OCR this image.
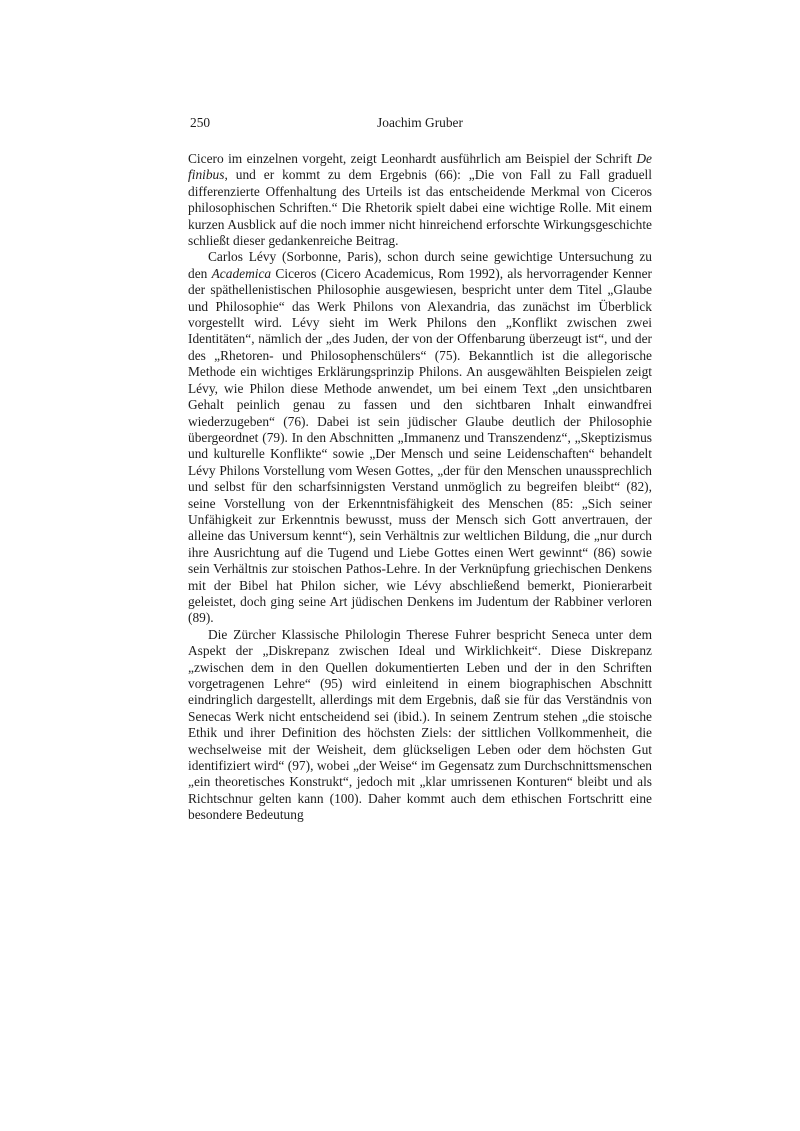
250	Joachim Gruber

Cicero im einzelnen vorgeht, zeigt Leonhardt ausführlich am Beispiel der Schrift De finibus, und er kommt zu dem Ergebnis (66): „Die von Fall zu Fall graduell differenzierte Offenhaltung des Urteils ist das entscheidende Merkmal von Ciceros philosophischen Schriften.“ Die Rhetorik spielt dabei eine wichtige Rolle. Mit einem kurzen Ausblick auf die noch immer nicht hinreichend erforschte Wirkungsgeschichte schließt dieser gedankenreiche Beitrag.

Carlos Lévy (Sorbonne, Paris), schon durch seine gewichtige Untersuchung zu den Academica Ciceros (Cicero Academicus, Rom 1992), als hervorragender Kenner der späthellenistischen Philosophie ausgewiesen, bespricht unter dem Titel „Glaube und Philosophie“ das Werk Philons von Alexandria, das zunächst im Überblick vorgestellt wird. Lévy sieht im Werk Philons den „Konflikt zwischen zwei Identitäten“, nämlich der „des Juden, der von der Offenbarung überzeugt ist“, und der des „Rhetoren- und Philosophenschülers“ (75). Bekanntlich ist die allegorische Methode ein wichtiges Erklärungsprinzip Philons. An ausgewählten Beispielen zeigt Lévy, wie Philon diese Methode anwendet, um bei einem Text „den unsichtbaren Gehalt peinlich genau zu fassen und den sichtbaren Inhalt einwandfrei wiederzugeben“ (76). Dabei ist sein jüdischer Glaube deutlich der Philosophie übergeordnet (79). In den Abschnitten „Immanenz und Transzendenz“, „Skeptizismus und kulturelle Konflikte“ sowie „Der Mensch und seine Leidenschaften“ behandelt Lévy Philons Vorstellung vom Wesen Gottes, „der für den Menschen unaussprechlich und selbst für den scharfsinnigsten Verstand unmöglich zu begreifen bleibt“ (82), seine Vorstellung von der Erkenntnisfähigkeit des Menschen (85: „Sich seiner Unfähigkeit zur Erkenntnis bewusst, muss der Mensch sich Gott anvertrauen, der alleine das Universum kennt“), sein Verhältnis zur weltlichen Bildung, die „nur durch ihre Ausrichtung auf die Tugend und Liebe Gottes einen Wert gewinnt“ (86) sowie sein Verhältnis zur stoischen Pathos-Lehre. In der Verknüpfung griechischen Denkens mit der Bibel hat Philon sicher, wie Lévy abschließend bemerkt, Pionierarbeit geleistet, doch ging seine Art jüdischen Denkens im Judentum der Rabbiner verloren (89).

Die Zürcher Klassische Philologin Therese Fuhrer bespricht Seneca unter dem Aspekt der „Diskrepanz zwischen Ideal und Wirklichkeit“. Diese Diskrepanz „zwischen dem in den Quellen dokumentierten Leben und der in den Schriften vorgetragenen Lehre“ (95) wird einleitend in einem biographischen Abschnitt eindringlich dargestellt, allerdings mit dem Ergebnis, daß sie für das Verständnis von Senecas Werk nicht entscheidend sei (ibid.). In seinem Zentrum stehen „die stoische Ethik und ihrer Definition des höchsten Ziels: der sittlichen Vollkommenheit, die wechselweise mit der Weisheit, dem glückseligen Leben oder dem höchsten Gut identifiziert wird“ (97), wobei „der Weise“ im Gegensatz zum Durchschnittsmenschen „ein theoretisches Konstrukt“, jedoch mit „klar umrissenen Konturen“ bleibt und als Richtschnur gelten kann (100). Daher kommt auch dem ethischen Fortschritt eine besondere Bedeutung
